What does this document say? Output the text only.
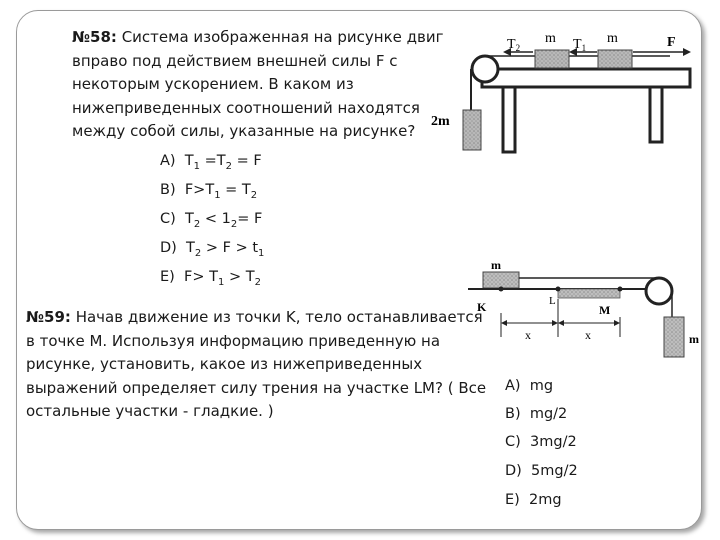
№58: Система изображенная на рисунке двиг
вправо под действием внешней силы F с
некоторым ускорением. В каком из
нижеприведенных соотношений находятся
между собой силы, указанные на рисунке?
A) $T_1 =T_2 = F$
B) $F>T_1 = T_2$
C) $T_2 < 1_2= F$
D) $T_2 > F > t_1$
E) $F> T_1 > T_2$
№59: Начав движение из точки K, тело останавливается
в точке M. Используя информацию приведенную на
рисунке, установить, какое из нижеприведенных
выражений определяет силу трения на участке LM? ( Все
остальные участки - гладкие. )
A) mg
B) mg/2
C) 3mg/2
D) 5mg/2
E) 2mg
$T_2$
m $T_1$
m	F
2m
m
K	L
M
m
x	x
